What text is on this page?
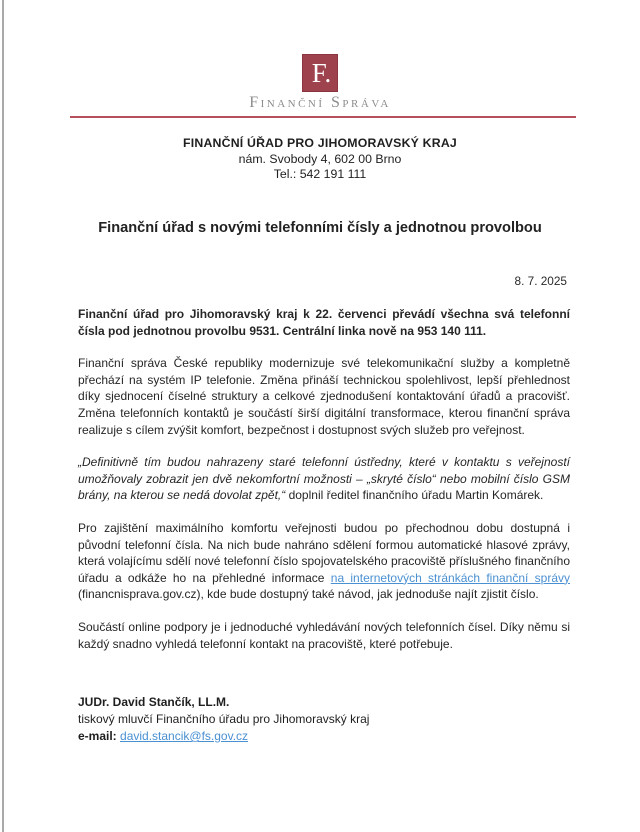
F.
Finanční Správa
FINANČNÍ ÚŘAD PRO JIHOMORAVSKÝ KRAJ
nám. Svobody 4, 602 00 Brno
Tel.: 542 191 111
Finanční úřad s novými telefonními čísly a jednotnou provolbou
8. 7. 2025

Finanční úřad pro Jihomoravský kraj k 22. červenci převádí všechna svá telefonní čísla pod jednotnou provolbu 9531. Centrální linka nově na 953 140 111.

Finanční správa České republiky modernizuje své telekomunikační služby a kompletně přechází na systém IP telefonie. Změna přináší technickou spolehlivost, lepší přehlednost díky sjednocení číselné struktury a celkové zjednodušení kontaktování úřadů a pracovišť. Změna telefonních kontaktů je součástí širší digitální transformace, kterou finanční správa realizuje s cílem zvýšit komfort, bezpečnost i dostupnost svých služeb pro veřejnost.

„Definitivně tím budou nahrazeny staré telefonní ústředny, které v kontaktu s veřejností umožňovaly zobrazit jen dvě nekomfortní možnosti – „skryté číslo“ nebo mobilní číslo GSM brány, na kterou se nedá dovolat zpět,“ doplnil ředitel finančního úřadu Martin Komárek.

Pro zajištění maximálního komfortu veřejnosti budou po přechodnou dobu dostupná i původní telefonní čísla. Na nich bude nahráno sdělení formou automatické hlasové zprávy, která volajícímu sdělí nové telefonní číslo spojovatelského pracoviště příslušného finančního úřadu a odkáže ho na přehledné informace na internetových stránkách finanční správy (financnisprava.gov.cz), kde bude dostupný také návod, jak jednoduše najít zjistit číslo.

Součástí online podpory je i jednoduché vyhledávání nových telefonních čísel. Díky němu si každý snadno vyhledá telefonní kontakt na pracoviště, které potřebuje.

JUDr. David Stančík, LL.M.
tiskový mluvčí Finančního úřadu pro Jihomoravský kraj
e-mail: david.stancik@fs.gov.cz
